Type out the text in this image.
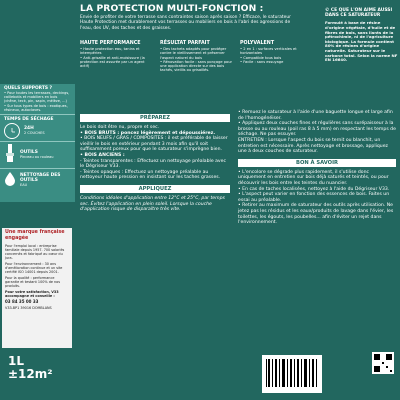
LA PROTECTION MULTI-FONCTION :
Envie de profiter de votre terrasse sans contraintes saison après saison ? Efficace, le saturateur Haute Protection met durablement vos terrasses ou mobiliers en bois à l'abri des agressions de l'eau, des UV, des taches et des graisses.
HAUTE PERFORMANCE

• Haute protection eau, tanins et intempéries
• Anti-grisaille et anti-moisissure (la protection est assurée par un agent actif)

RÉSULTAT PARFAIT

• Des tachets adaptés pour protéger contre le vieillissement et préserver l'aspect naturel du bois
• Rénovation facile : sans ponçage pour une application directe sur des bois tachés, vieillis ou grisaillés.

POLYVALENT

• 2 en 1 : surfaces verticales et horizontales
• Compatible tous bois
• Facile : sans essuyage

© CE QUE L'ON AIME AUSSI DANS CE SATURATEUR
Formulé à base de résine d'origine végétale, d'huile et de fibres de bois, sans liants de la pétrochimie, ni de l'agriculture biologique. La formule contient 80% de résines d'origine naturelle. Saturateur sur le carbone total. Selon la norme NF EN 16640.
QUELS SUPPORTS ?
• Pour toutes les terrasses, deckings, caillebotis et mobiliers en bois (chêne, teck, pin, sapin, mélèze, ...)
• Sur tous types de bois : exotiques, résineux, autoclaves.
TEMPS DE SÉCHAGE
24H
2 COUCHES
OUTILS
Pinceau ou rouleau
NETTOYAGE DES OUTILS
EAU
PRÉPAREZ
Le bois doit être nu, propre et sec.
• BOIS BRUTS : poncez légèrement et dépoussiérez.
• BOIS NEUFS / GRAS / COMPOSITES : il est préférable de laisser vieillir le bois en extérieur pendant 3 mois afin qu'il soit suffisamment poreux pour que le saturateur s'imprègne bien.
• BOIS ANCIENS :
- Teintes transparentes : Effectuez un nettoyage préalable avec le Dégriseur V33.
- Teintes opaques : Effectuez un nettoyage préalable au nettoyeur haute pression en insistant sur les taches grasses.
APPLIQUEZ
Conditions idéales d'application entre 12°C et 25°C, par temps sec. Évitez l'application en plein soleil. Lorsque la couche d'application risque de disparaître très vite.
• Remuez le saturateur à l'aide d'une baguette longue et large afin de l'homogénéiser.
• Appliquez deux couches fines et régulières sans surépaisseur à la brosse ou au rouleau (poil ras 8 à 5 mm) en respectant les temps de séchage. Ne pas essuyer.
ENTRETIEN : Lorsque l'aspect du bois se ternit ou blanchit, un entretien est nécessaire. Après nettoyage et brossage, appliquez une à deux couches de saturateur.
BON À SAVOIR
• L'encolore se dégrade plus rapidement, il s'utilise donc uniquement en entretien sur bois déjà saturés et teintés, ou pour découvrir les bois entre les teintes du nuancier.
• En cas de taches localisées, nettoyez à l'aide du Dégriseur V33.
• L'aspect peut varier en fonction des essences de bois. Faites un essai au préalable.
• Retirer au maximum de saturateur des outils après utilisation. Ne jetez pas les résidus et les eaux/produits de lavage dans l'évier, les toilettes, les égouts, les poubelles... afin d'éviter un rejet dans l'environnement.
Une marque française engagée
Pour l'emploi local : entreprise familiale depuis 1957. 700 salariés concernés et fabriqué au cœur du Jura.
Pour l'environnement : 30 ans d'amélioration continue et un site certifié ISO 14001 depuis 2001.
Pour la qualité : performance garantie et testant 100% de nos produits.
Pour votre satisfaction, V33 accompagne et conseille :
03 84 35 00 33
V33-BP1 39016 DOMBLANS
1L
±12m²
